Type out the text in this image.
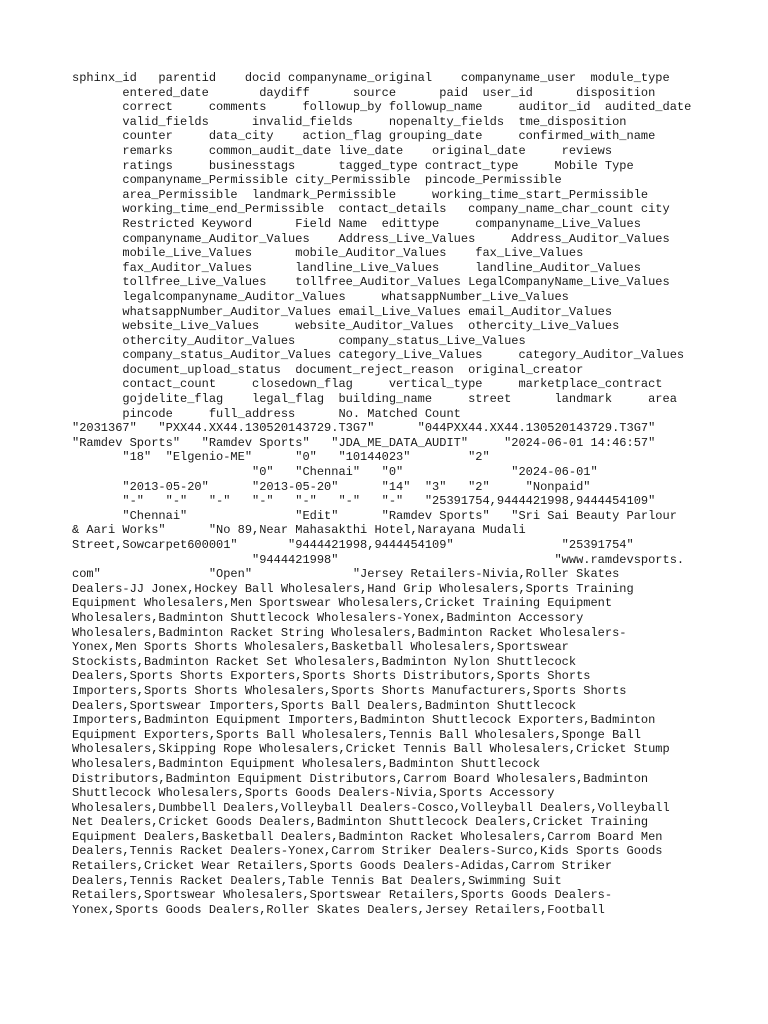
sphinx_id   parentid    docid companyname_original    companyname_user  module_type
entered_date       daydiff      source      paid  user_id      disposition
correct     comments     followup_by followup_name     auditor_id  audited_date
valid_fields      invalid_fields     nopenalty_fields  tme_disposition
counter     data_city    action_flag grouping_date     confirmed_with_name
remarks     common_audit_date live_date    original_date     reviews
ratings     businesstags      tagged_type contract_type     Mobile Type
companyname_Permissible city_Permissible  pincode_Permissible
area_Permissible  landmark_Permissible     working_time_start_Permissible
working_time_end_Permissible  contact_details   company_name_char_count city
Restricted Keyword      Field Name  edittype     companyname_Live_Values
companyname_Auditor_Values    Address_Live_Values     Address_Auditor_Values
mobile_Live_Values      mobile_Auditor_Values    fax_Live_Values
fax_Auditor_Values      landline_Live_Values     landline_Auditor_Values
tollfree_Live_Values    tollfree_Auditor_Values LegalCompanyName_Live_Values
legalcompanyname_Auditor_Values     whatsappNumber_Live_Values
whatsappNumber_Auditor_Values email_Live_Values email_Auditor_Values
website_Live_Values     website_Auditor_Values  othercity_Live_Values
othercity_Auditor_Values      company_status_Live_Values
company_status_Auditor_Values category_Live_Values     category_Auditor_Values
document_upload_status  document_reject_reason  original_creator
contact_count     closedown_flag     vertical_type     marketplace_contract
gojdelite_flag    legal_flag  building_name     street      landmark     area
pincode     full_address      No. Matched Count
"2031367"   "PXX44.XX44.130520143729.T3G7"      "044PXX44.XX44.130520143729.T3G7"
"Ramdev Sports"   "Ramdev Sports"   "JDA_ME_DATA_AUDIT"     "2024-06-01 14:46:57"
"18"  "Elgenio-ME"      "0"   "10144023"        "2"
"0"   "Chennai"   "0"               "2024-06-01"
"2013-05-20"      "2013-05-20"      "14"  "3"   "2"     "Nonpaid"
"-"   "-"   "-"   "-"   "-"   "-"   "-"   "25391754,9444421998,9444454109"
"Chennai"               "Edit"      "Ramdev Sports"   "Sri Sai Beauty Parlour
& Aari Works"      "No 89,Near Mahasakthi Hotel,Narayana Mudali
Street,Sowcarpet600001"       "9444421998,9444454109"               "25391754"
"9444421998"                              "www.ramdevsports.
com"               "Open"              "Jersey Retailers-Nivia,Roller Skates
Dealers-JJ Jonex,Hockey Ball Wholesalers,Hand Grip Wholesalers,Sports Training
Equipment Wholesalers,Men Sportswear Wholesalers,Cricket Training Equipment
Wholesalers,Badminton Shuttlecock Wholesalers-Yonex,Badminton Accessory
Wholesalers,Badminton Racket String Wholesalers,Badminton Racket Wholesalers-
Yonex,Men Sports Shorts Wholesalers,Basketball Wholesalers,Sportswear
Stockists,Badminton Racket Set Wholesalers,Badminton Nylon Shuttlecock
Dealers,Sports Shorts Exporters,Sports Shorts Distributors,Sports Shorts
Importers,Sports Shorts Wholesalers,Sports Shorts Manufacturers,Sports Shorts
Dealers,Sportswear Importers,Sports Ball Dealers,Badminton Shuttlecock
Importers,Badminton Equipment Importers,Badminton Shuttlecock Exporters,Badminton
Equipment Exporters,Sports Ball Wholesalers,Tennis Ball Wholesalers,Sponge Ball
Wholesalers,Skipping Rope Wholesalers,Cricket Tennis Ball Wholesalers,Cricket Stump
Wholesalers,Badminton Equipment Wholesalers,Badminton Shuttlecock
Distributors,Badminton Equipment Distributors,Carrom Board Wholesalers,Badminton
Shuttlecock Wholesalers,Sports Goods Dealers-Nivia,Sports Accessory
Wholesalers,Dumbbell Dealers,Volleyball Dealers-Cosco,Volleyball Dealers,Volleyball
Net Dealers,Cricket Goods Dealers,Badminton Shuttlecock Dealers,Cricket Training
Equipment Dealers,Basketball Dealers,Badminton Racket Wholesalers,Carrom Board Men
Dealers,Tennis Racket Dealers-Yonex,Carrom Striker Dealers-Surco,Kids Sports Goods
Retailers,Cricket Wear Retailers,Sports Goods Dealers-Adidas,Carrom Striker
Dealers,Tennis Racket Dealers,Table Tennis Bat Dealers,Swimming Suit
Retailers,Sportswear Wholesalers,Sportswear Retailers,Sports Goods Dealers-
Yonex,Sports Goods Dealers,Roller Skates Dealers,Jersey Retailers,Football
